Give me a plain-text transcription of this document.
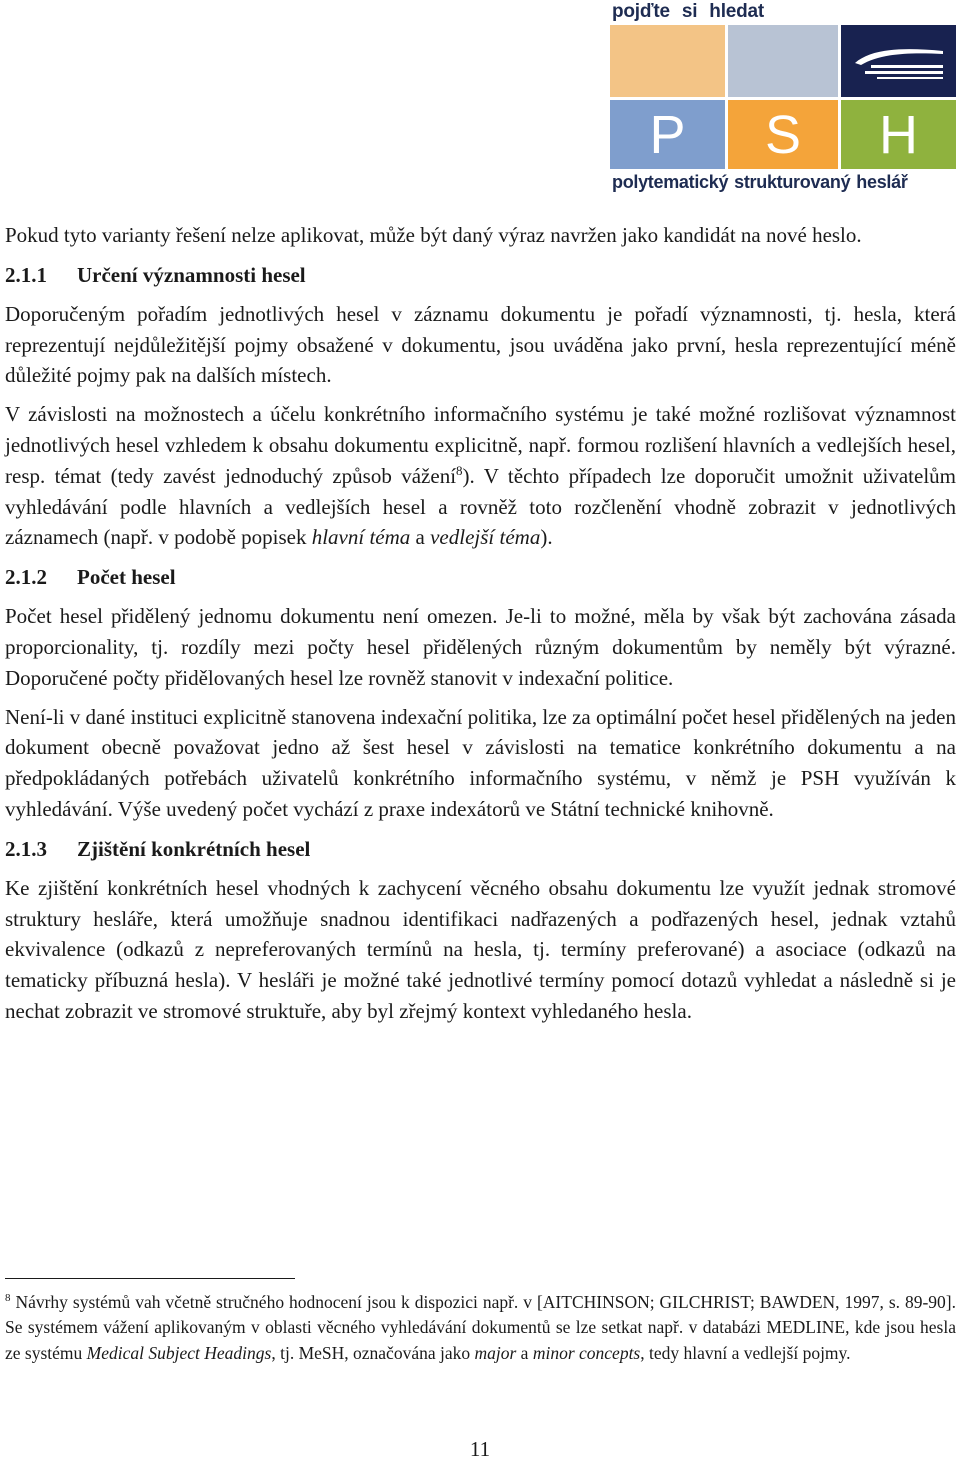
pojďte si hledat
P	S	H
polytematický strukturovaný heslář

Pokud tyto varianty řešení nelze aplikovat, může být daný výraz navržen jako kandidát na nové heslo.

2.1.1 Určení významnosti hesel

Doporučeným pořadím jednotlivých hesel v záznamu dokumentu je pořadí významnosti, tj. hesla, která reprezentují nejdůležitější pojmy obsažené v dokumentu, jsou uváděna jako první, hesla reprezentující méně důležité pojmy pak na dalších místech.

V závislosti na možnostech a účelu konkrétního informačního systému je také možné rozlišovat významnost jednotlivých hesel vzhledem k obsahu dokumentu explicitně, např. formou rozlišení hlavních a vedlejších hesel, resp. témat (tedy zavést jednoduchý způsob vážení$^8$). V těchto případech lze doporučit umožnit uživatelům vyhledávání podle hlavních a vedlejších hesel a rovněž toto rozčlenění vhodně zobrazit v jednotlivých záznamech (např. v podobě popisek hlavní téma a vedlejší téma).

2.1.2 Počet hesel

Počet hesel přidělený jednomu dokumentu není omezen. Je-li to možné, měla by však být zachována zásada proporcionality, tj. rozdíly mezi počty hesel přidělených různým dokumentům by neměly být výrazné. Doporučené počty přidělovaných hesel lze rovněž stanovit v indexační politice.

Není-li v dané instituci explicitně stanovena indexační politika, lze za optimální počet hesel přidělených na jeden dokument obecně považovat jedno až šest hesel v závislosti na tematice konkrétního dokumentu a na předpokládaných potřebách uživatelů konkrétního informačního systému, v němž je PSH využíván k vyhledávání. Výše uvedený počet vychází z praxe indexátorů ve Státní technické knihovně.

2.1.3 Zjištění konkrétních hesel

Ke zjištění konkrétních hesel vhodných k zachycení věcného obsahu dokumentu lze využít jednak stromové struktury hesláře, která umožňuje snadnou identifikaci nadřazených a podřazených hesel, jednak vztahů ekvivalence (odkazů z nepreferovaných termínů na hesla, tj. termíny preferované) a asociace (odkazů na tematicky příbuzná hesla). V hesláři je možné také jednotlivé termíny pomocí dotazů vyhledat a následně si je nechat zobrazit ve stromové struktuře, aby byl zřejmý kontext vyhledaného hesla.

$^8$ Návrhy systémů vah včetně stručného hodnocení jsou k dispozici např. v [AITCHINSON; GILCHRIST; BAWDEN, 1997, s. 89-90]. Se systémem vážení aplikovaným v oblasti věcného vyhledávání dokumentů se lze setkat např. v databázi MEDLINE, kde jsou hesla ze systému Medical Subject Headings, tj. MeSH, označována jako major a minor concepts, tedy hlavní a vedlejší pojmy.

11
